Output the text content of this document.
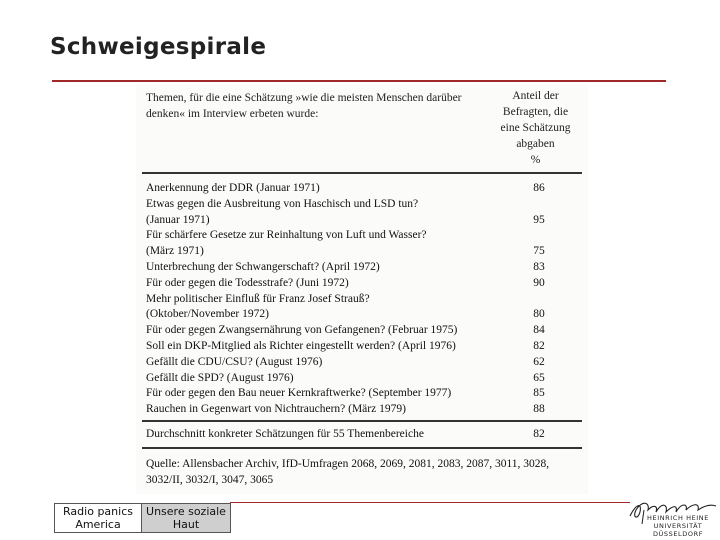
Schweigespirale
Themen, für die eine Schätzung »wie die meisten Menschen darüber denken« im Interview erbeten wurde:
Anteil der
Befragten, die
eine Schätzung
abgaben
%
Anerkennung der DDR (Januar 1971)	86
Etwas gegen die Ausbreitung von Haschisch und LSD tun?
(Januar 1971)	95
Für schärfere Gesetze zur Reinhaltung von Luft und Wasser?
(März 1971)	75
Unterbrechung der Schwangerschaft? (April 1972)	83
Für oder gegen die Todesstrafe? (Juni 1972)	90
Mehr politischer Einfluß für Franz Josef Strauß?
(Oktober/November 1972)	80
Für oder gegen Zwangsernährung von Gefangenen? (Februar 1975)	84
Soll ein DKP-Mitglied als Richter eingestellt werden? (April 1976)	82
Gefällt die CDU/CSU? (August 1976)	62
Gefällt die SPD? (August 1976)	65
Für oder gegen den Bau neuer Kernkraftwerke? (September 1977)	85
Rauchen in Gegenwart von Nichtrauchern? (März 1979)	88
Durchschnitt konkreter Schätzungen für 55 Themenbereiche	82
Quelle: Allensbacher Archiv, IfD-Umfragen 2068, 2069, 2081, 2083, 2087, 3011, 3028, 3032/II, 3032/I, 3047, 3065
Radio panics
America
Unsere soziale
Haut	HEINRICH HEINE
UNIVERSITÄT
DÜSSELDORF
